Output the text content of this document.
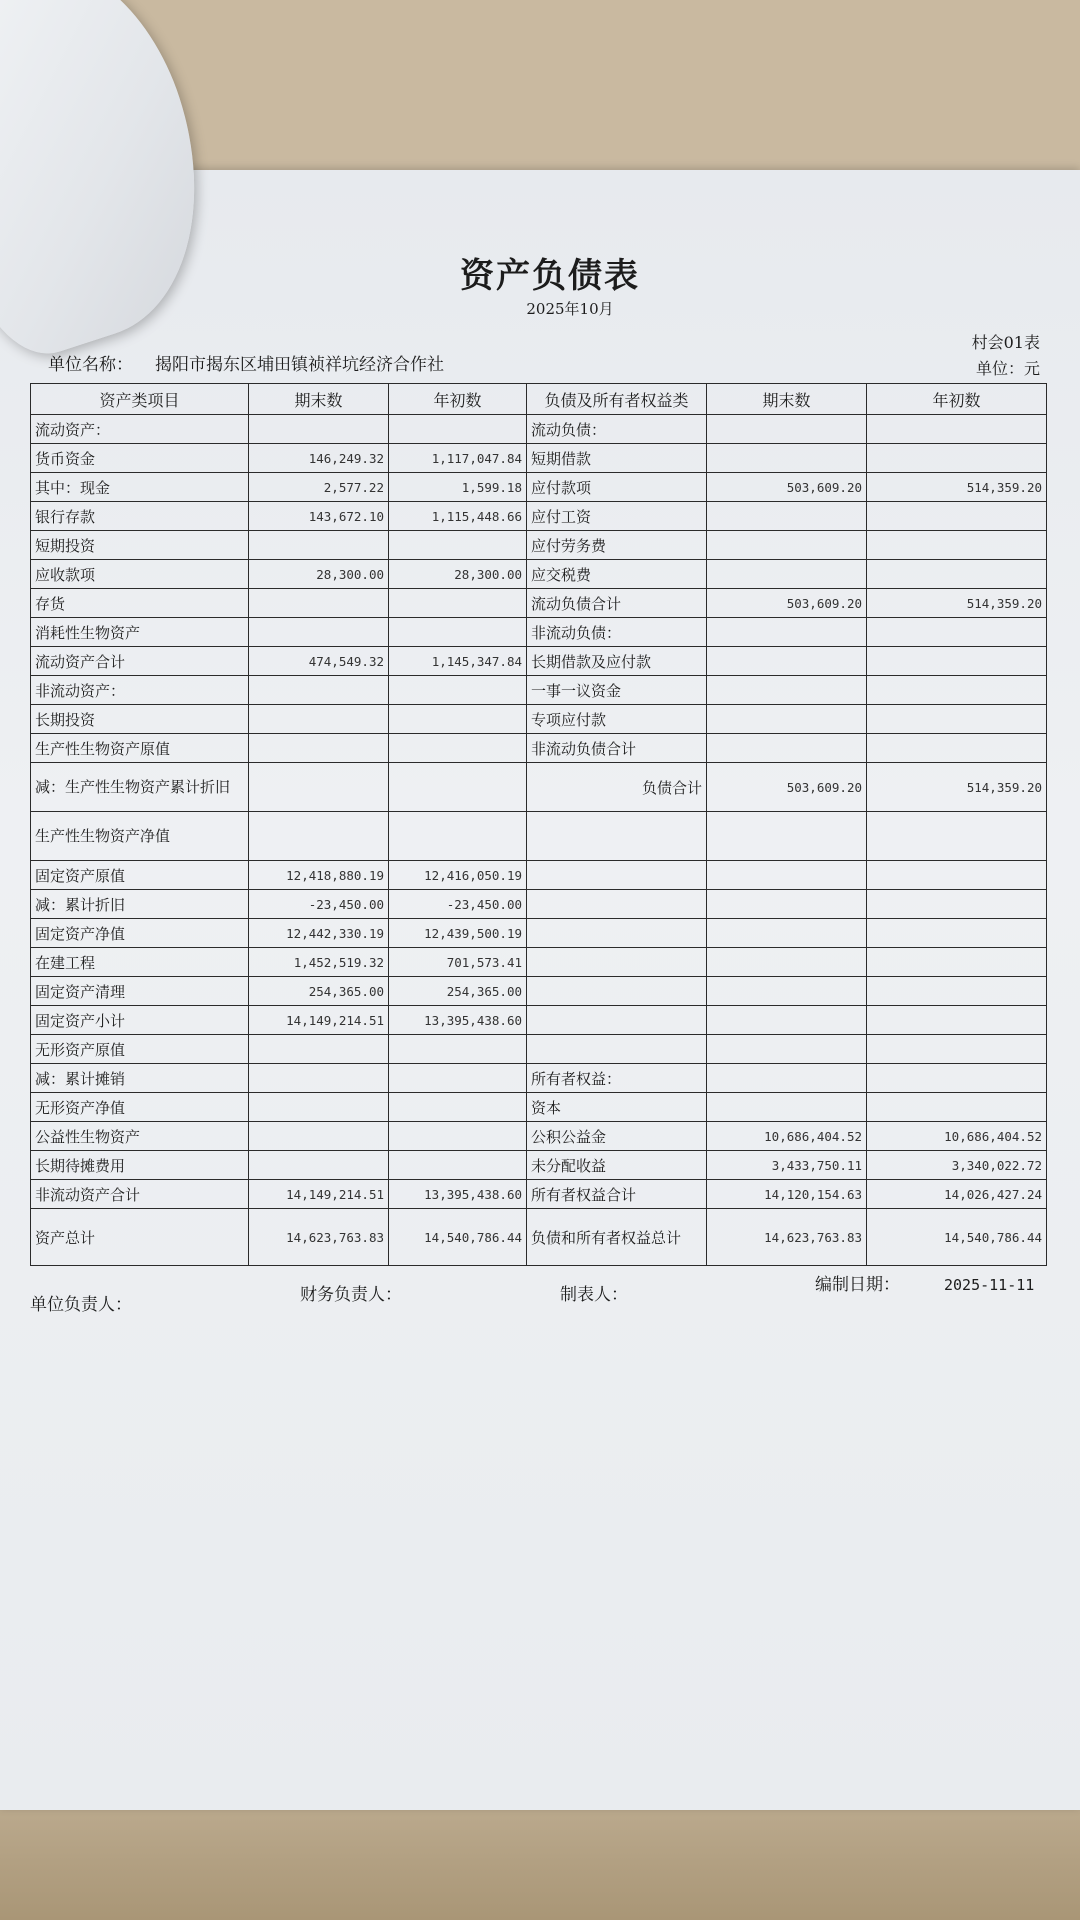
资产负债表
2025年10月
村会01表
单位名称： 揭阳市揭东区埔田镇祯祥坑经济合作社	单位：元
资产类项目	期末数	年初数	负债及所有者权益类	期末数	年初数
流动资产：			流动负债：		
货币资金	146,249.32	1,117,047.84	短期借款		
其中：现金	2,577.22	1,599.18	应付款项	503,609.20	514,359.20
银行存款	143,672.10	1,115,448.66	应付工资		
短期投资			应付劳务费		
应收款项	28,300.00	28,300.00	应交税费		
存货			流动负债合计	503,609.20	514,359.20
消耗性生物资产			非流动负债：		
流动资产合计	474,549.32	1,145,347.84	长期借款及应付款		
非流动资产：			一事一议资金		
长期投资			专项应付款		
生产性生物资产原值			非流动负债合计		
减：生产性生物资产累计折旧			负债合计	503,609.20	514,359.20
生产性生物资产净值					
固定资产原值	12,418,880.19	12,416,050.19			
减：累计折旧	-23,450.00	-23,450.00			
固定资产净值	12,442,330.19	12,439,500.19			
在建工程	1,452,519.32	701,573.41			
固定资产清理	254,365.00	254,365.00			
固定资产小计	14,149,214.51	13,395,438.60			
无形资产原值					
减：累计摊销			所有者权益：		
无形资产净值			资本		
公益性生物资产			公积公益金	10,686,404.52	10,686,404.52
长期待摊费用			未分配收益	3,433,750.11	3,340,022.72
非流动资产合计	14,149,214.51	13,395,438.60	所有者权益合计	14,120,154.63	14,026,427.24
资产总计	14,623,763.83	14,540,786.44	负债和所有者权益总计	14,623,763.83	14,540,786.44
单位负责人：	财务负责人：	制表人：	编制日期：	2025-11-11
